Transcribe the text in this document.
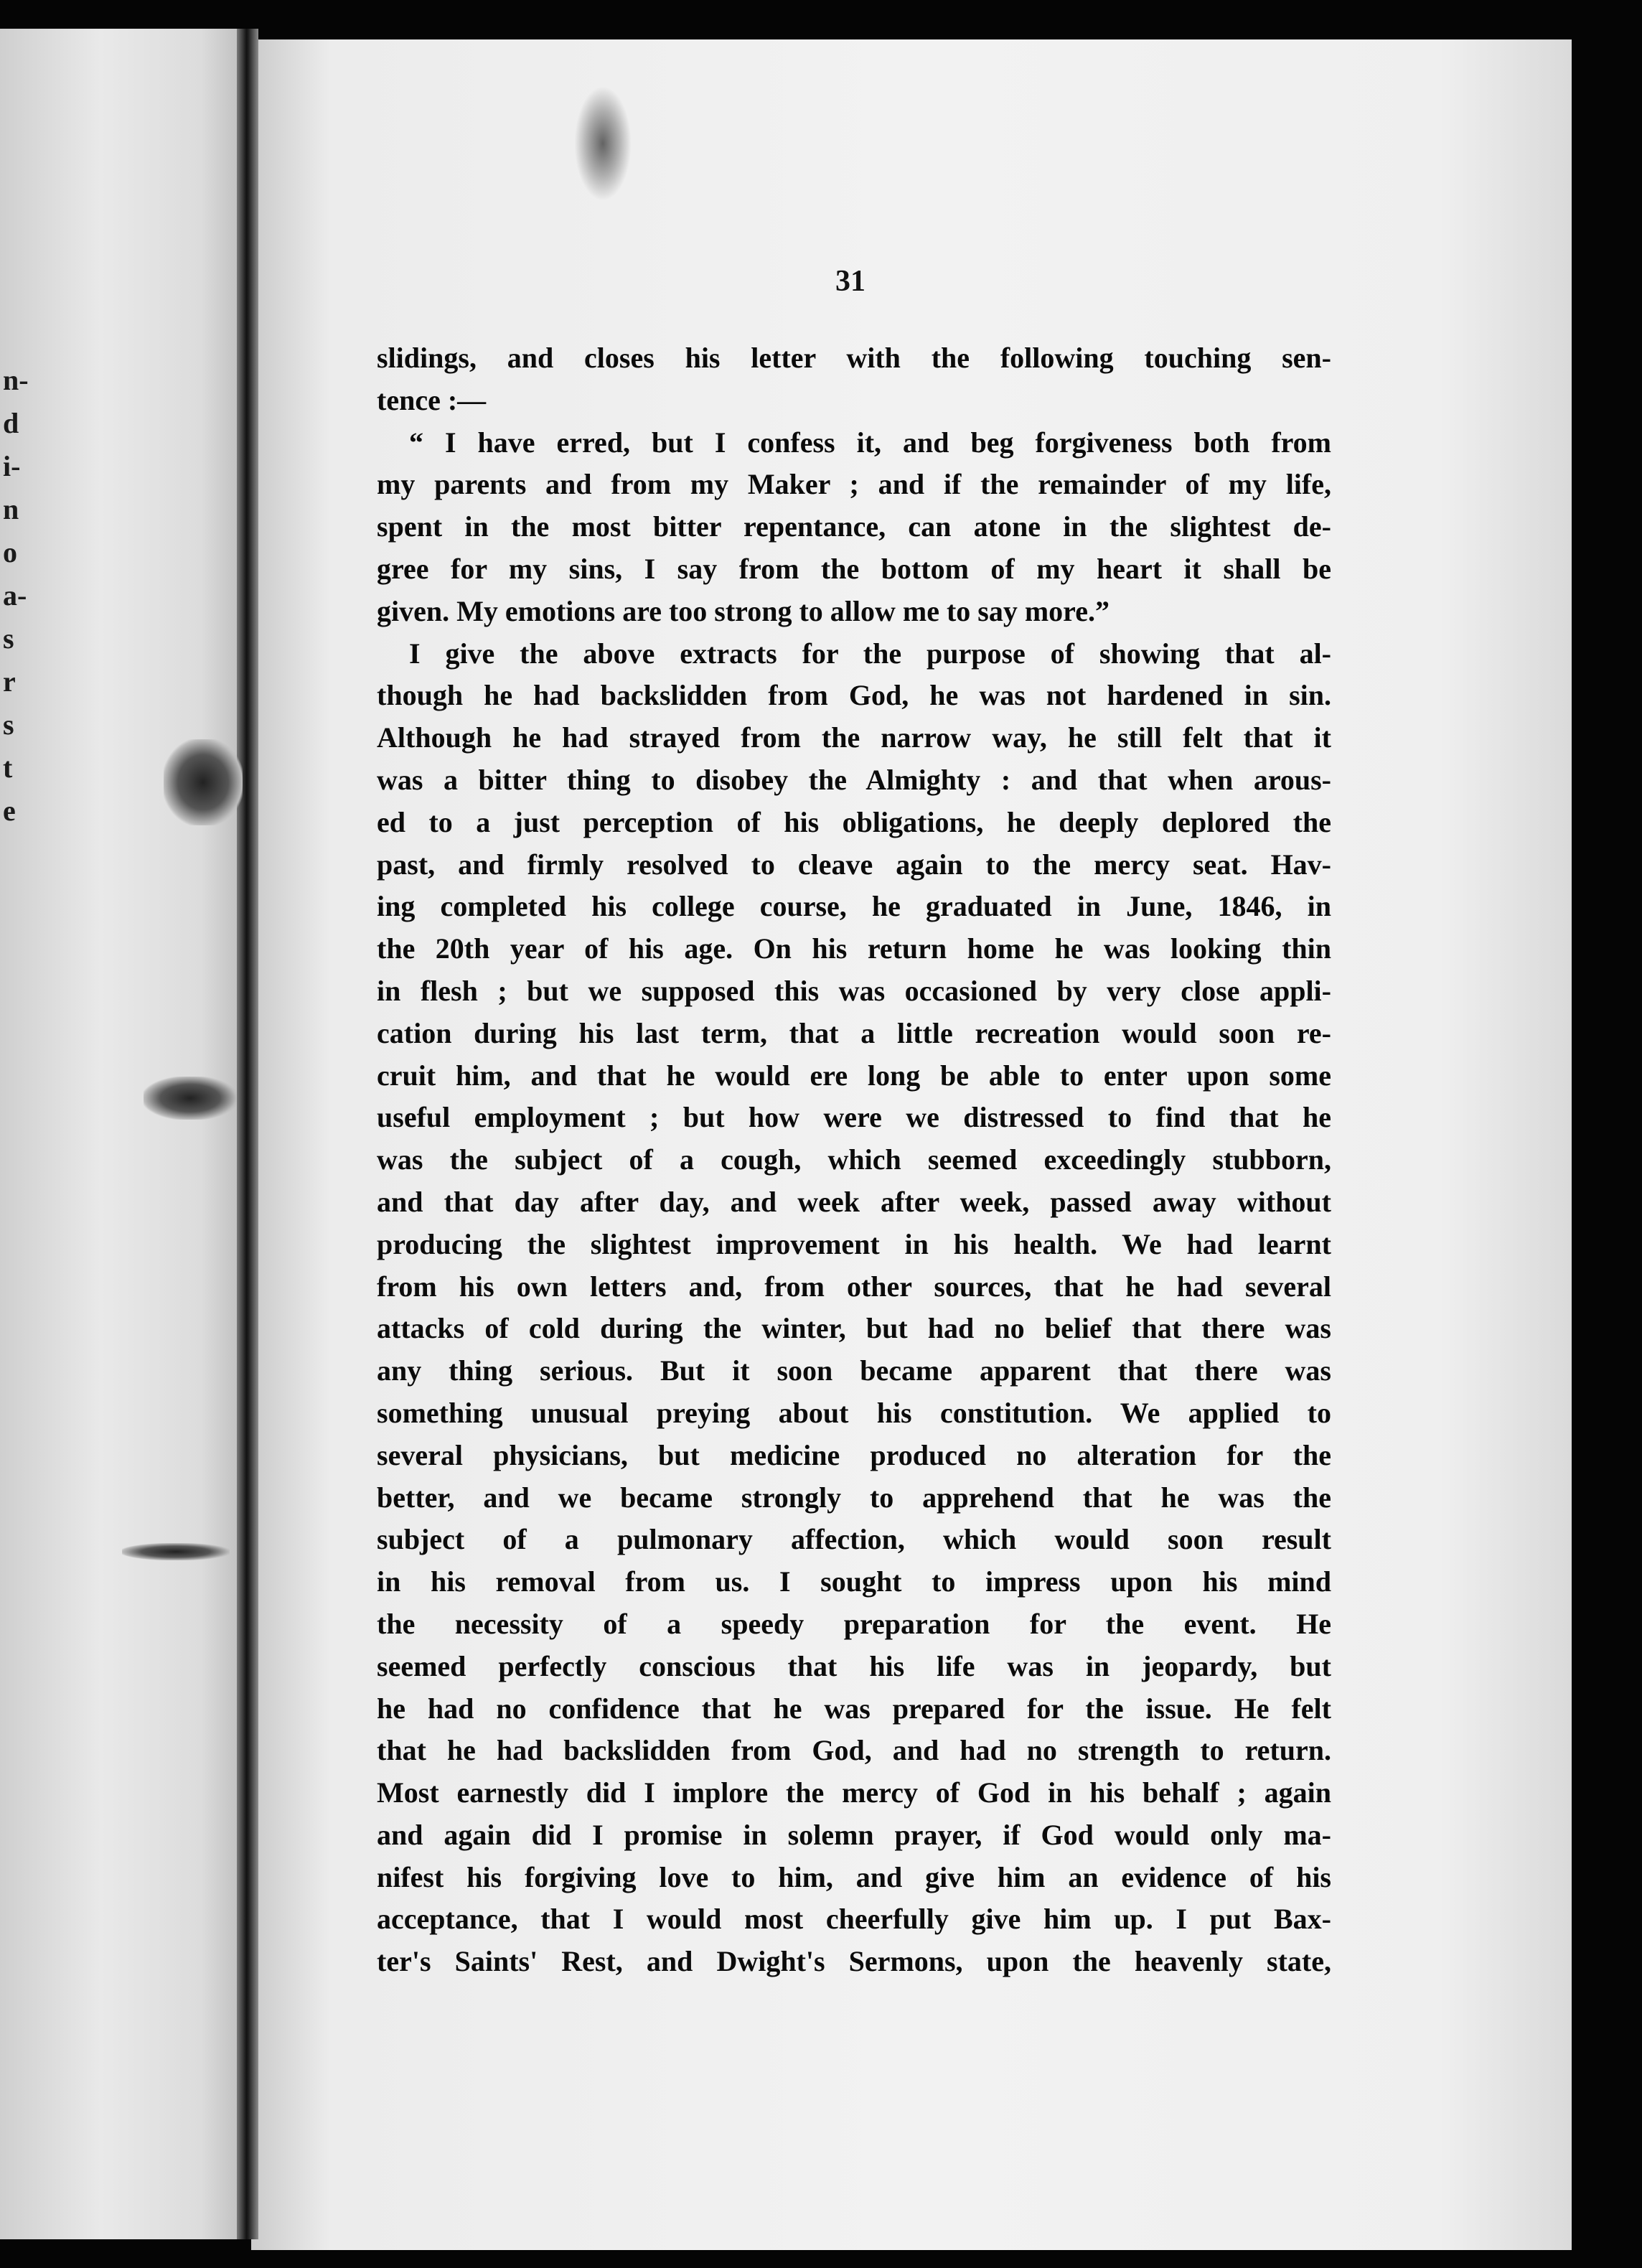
n-
d
i-
n
o
a-
s
r
s
t
e
31
slidings, and closes his letter with the following touching sen-
tence :—
“ I have erred, but I confess it, and beg forgiveness both from
my parents and from my Maker ; and if the remainder of my life,
spent in the most bitter repentance, can atone in the slightest de-
gree for my sins, I say from the bottom of my heart it shall be
given. My emotions are too strong to allow me to say more.”
I give the above extracts for the purpose of showing that al-
though he had backslidden from God, he was not hardened in sin.
Although he had strayed from the narrow way, he still felt that it
was a bitter thing to disobey the Almighty : and that when arous-
ed to a just perception of his obligations, he deeply deplored the
past, and firmly resolved to cleave again to the mercy seat. Hav-
ing completed his college course, he graduated in June, 1846, in
the 20th year of his age. On his return home he was looking thin
in flesh ; but we supposed this was occasioned by very close appli-
cation during his last term, that a little recreation would soon re-
cruit him, and that he would ere long be able to enter upon some
useful employment ; but how were we distressed to find that he
was the subject of a cough, which seemed exceedingly stubborn,
and that day after day, and week after week, passed away without
producing the slightest improvement in his health. We had learnt
from his own letters and, from other sources, that he had several
attacks of cold during the winter, but had no belief that there was
any thing serious. But it soon became apparent that there was
something unusual preying about his constitution. We applied to
several physicians, but medicine produced no alteration for the
better, and we became strongly to apprehend that he was the
subject of a pulmonary affection, which would soon result
in his removal from us. I sought to impress upon his mind
the necessity of a speedy preparation for the event. He
seemed perfectly conscious that his life was in jeopardy, but
he had no confidence that he was prepared for the issue. He felt
that he had backslidden from God, and had no strength to return.
Most earnestly did I implore the mercy of God in his behalf ; again
and again did I promise in solemn prayer, if God would only ma-
nifest his forgiving love to him, and give him an evidence of his
acceptance, that I would most cheerfully give him up. I put Bax-
ter's Saints' Rest, and Dwight's Sermons, upon the heavenly state,
